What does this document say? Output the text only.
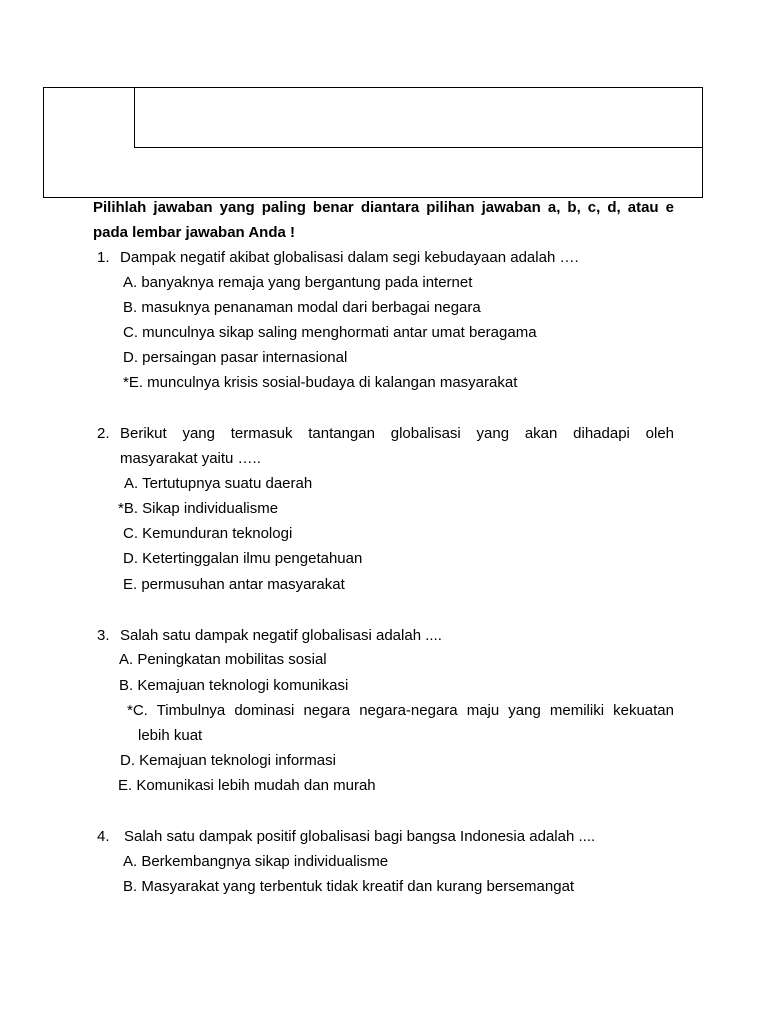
Pilihlah jawaban yang paling benar diantara pilihan jawaban a, b, c, d, atau e
pada lembar jawaban Anda !
1. Dampak negatif akibat globalisasi dalam segi kebudayaan adalah ….
A. banyaknya remaja yang bergantung pada internet
B. masuknya penanaman modal dari berbagai negara
C. munculnya sikap saling menghormati antar umat beragama
D. persaingan pasar internasional
*E. munculnya krisis sosial-budaya di kalangan masyarakat
2. Berikut yang termasuk tantangan globalisasi yang akan dihadapi oleh
masyarakat yaitu …..
A. Tertutupnya suatu daerah
*B. Sikap individualisme
C. Kemunduran teknologi
D. Ketertinggalan ilmu pengetahuan
E. permusuhan antar masyarakat
3. Salah satu dampak negatif globalisasi adalah ....
A. Peningkatan mobilitas sosial
B. Kemajuan teknologi komunikasi
*C. Timbulnya dominasi negara negara-negara maju yang memiliki kekuatan
lebih kuat
D. Kemajuan teknologi informasi
E. Komunikasi lebih mudah dan murah
4. Salah satu dampak positif globalisasi bagi bangsa Indonesia adalah ....
A. Berkembangnya sikap individualisme
B. Masyarakat yang terbentuk tidak kreatif dan kurang bersemangat
